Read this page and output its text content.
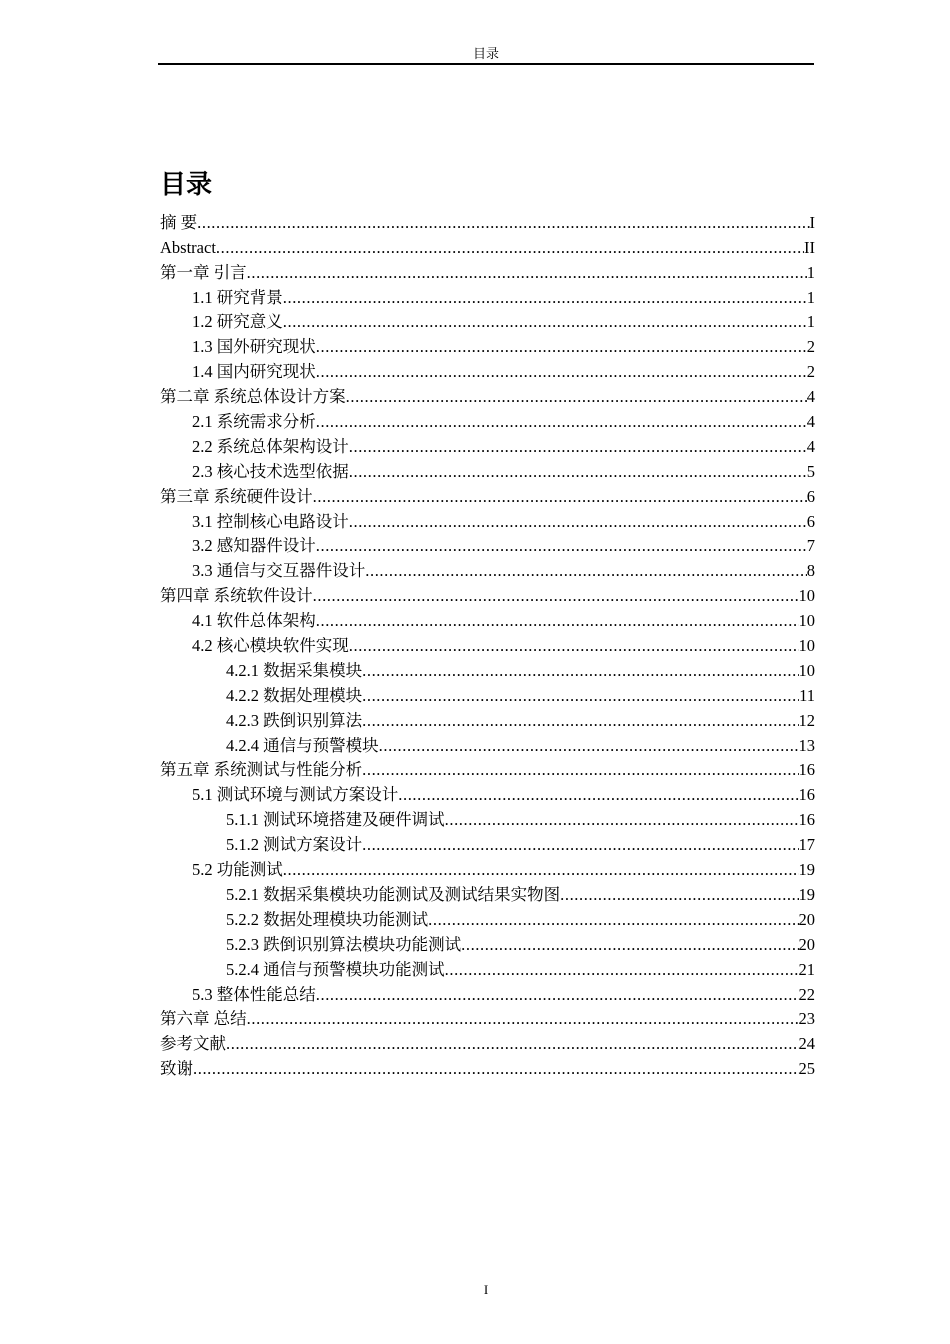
目录
目录
摘 要 .....	I
Abstract .....	II
第一章 引言 .....	1
1.1 研究背景 .....	1
1.2 研究意义 .....	1
1.3 国外研究现状 .....	2
1.4 国内研究现状 .....	2
第二章 系统总体设计方案 .....	4
2.1 系统需求分析 .....	4
2.2 系统总体架构设计 .....	4
2.3 核心技术选型依据 .....	5
第三章 系统硬件设计 .....	6
3.1 控制核心电路设计 .....	6
3.2 感知器件设计 .....	7
3.3 通信与交互器件设计 .....	8
第四章 系统软件设计 .....	10
4.1 软件总体架构 .....	10
4.2 核心模块软件实现 .....	10
4.2.1 数据采集模块 .....	10
4.2.2 数据处理模块 .....	11
4.2.3 跌倒识别算法 .....	12
4.2.4 通信与预警模块 .....	13
第五章 系统测试与性能分析 .....	16
5.1 测试环境与测试方案设计 .....	16
5.1.1 测试环境搭建及硬件调试 .....	16
5.1.2 测试方案设计 .....	17
5.2 功能测试 .....	19
5.2.1 数据采集模块功能测试及测试结果实物图 .....	19
5.2.2 数据处理模块功能测试 .....	20
5.2.3 跌倒识别算法模块功能测试 .....	20
5.2.4 通信与预警模块功能测试 .....	21
5.3 整体性能总结 .....	22
第六章 总结 .....	23
参考文献 .....	24
致谢 .....	25
I
